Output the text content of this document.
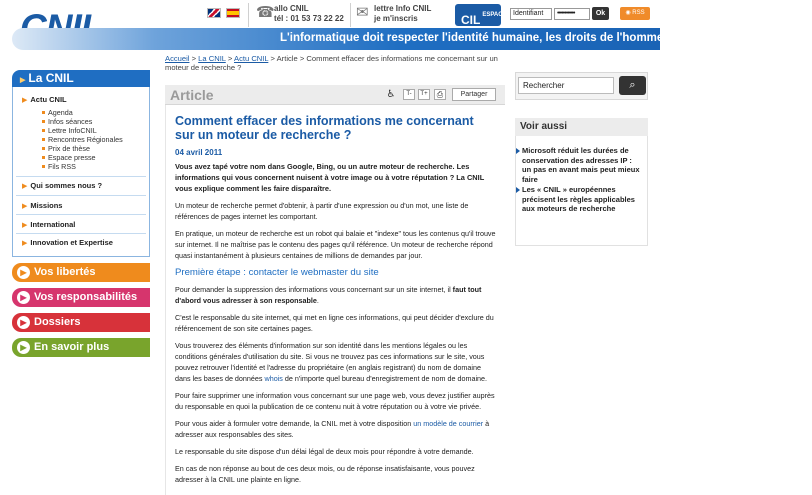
☎ allo CNIL
tél : 01 53 73 22 22 ✉ lettre Info CNIL
je m'inscris	CIL $^{ESPACE}$ Identifiant	••••••••••••	Ok	◉ RSS
L'informatique doit respecter l'identité humaine, les droits de l'homme, la vie privée et les libertés
▶ La CNIL
▶ Actu CNIL
Agenda
Infos séances
Lettre InfoCNIL
Rencontres Régionales
Prix de thèse
Espace presse
Fils RSS
▶ Qui sommes nous ?
▶ Missions
▶ International
▶ Innovation et Expertise
▶ Vos libertés
▶ Vos responsabilités
▶ Dossiers
▶ En savoir plus
Accueil > La CNIL > Actu CNIL > Article > Comment effacer des informations me concernant sur un moteur de recherche ?
Article	♿	T-	T+	⎙	Partager
Comment effacer des informations me concernant sur un moteur de recherche ?
04 avril 2011
Vous avez tapé votre nom dans Google, Bing, ou un autre moteur de recherche. Les informations qui vous concernent nuisent à votre image ou à votre réputation ? La CNIL vous explique comment les faire disparaître.
Un moteur de recherche permet d'obtenir, à partir d'une expression ou d'un mot, une liste de références de pages internet les comportant.
En pratique, un moteur de recherche est un robot qui balaie et "indexe" tous les contenus qu'il trouve sur internet. Il ne maîtrise pas le contenu des pages qu'il référence. Un moteur de recherche répond quasi instantanément à plusieurs centaines de millions de demandes par jour.
Première étape : contacter le webmaster du site
Pour demander la suppression des informations vous concernant sur un site internet, il faut tout d'abord vous adresser à son responsable.
C'est le responsable du site internet, qui met en ligne ces informations, qui peut décider d'exclure du référencement de son site certaines pages.
Vous trouverez des éléments d'information sur son identité dans les mentions légales ou les conditions générales d'utilisation du site. Si vous ne trouvez pas ces informations sur le site, vous pouvez retrouver l'identité et l'adresse du propriétaire (en anglais registrant) du nom de domaine dans les bases de données whois de n'importe quel bureau d'enregistrement de nom de domaine.
Pour faire supprimer une information vous concernant sur une page web, vous devez justifier auprès du responsable en quoi la publication de ce contenu nuit à votre réputation ou à votre vie privée.
Pour vous aider à formuler votre demande, la CNIL met à votre disposition un modèle de courrier à adresser aux responsables des sites.
Le responsable du site dispose d'un délai légal de deux mois pour répondre à votre demande.
En cas de non réponse au bout de ces deux mois, ou de réponse insatisfaisante, vous pouvez adresser à la CNIL une plainte en ligne.
Rechercher
⌕
Voir aussi
Microsoft réduit les durées de conservation des adresses IP : un pas en avant mais peut mieux faire
Les « CNIL » européennes précisent les règles applicables aux moteurs de recherche
